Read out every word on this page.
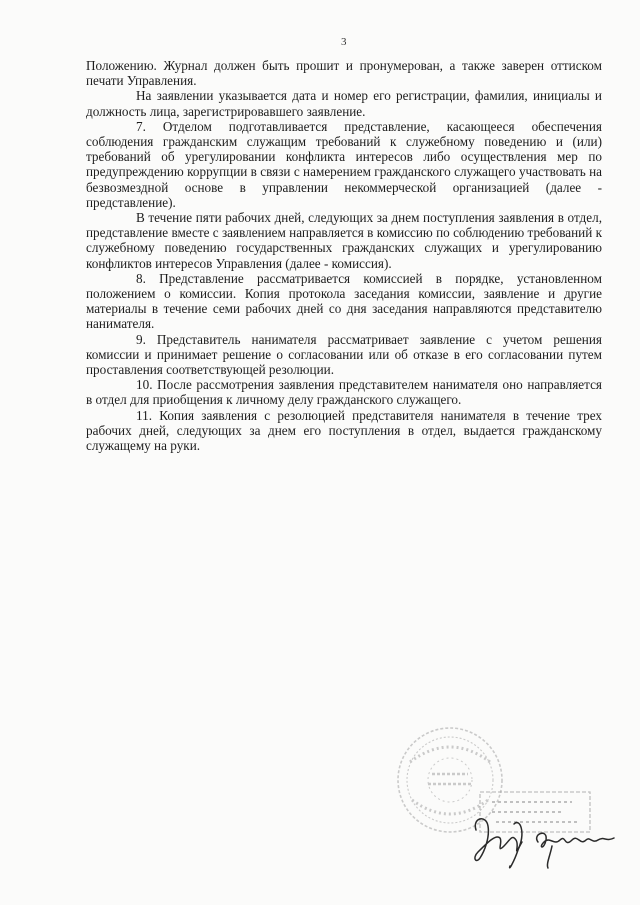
3

Положению. Журнал должен быть прошит и пронумерован, а также заверен оттиском печати Управления.

На заявлении указывается дата и номер его регистрации, фамилия, инициалы и должность лица, зарегистрировавшего заявление.

7. Отделом подготавливается представление, касающееся обеспечения соблюдения гражданским служащим требований к служебному поведению и (или) требований об урегулировании конфликта интересов либо осуществления мер по предупреждению коррупции в связи с намерением гражданского служащего участвовать на безвозмездной основе в управлении некоммерческой организацией (далее - представление).

В течение пяти рабочих дней, следующих за днем поступления заявления в отдел, представление вместе с заявлением направляется в комиссию по соблюдению требований к служебному поведению государственных гражданских служащих и урегулированию конфликтов интересов Управления (далее - комиссия).

8. Представление рассматривается комиссией в порядке, установленном положением о комиссии. Копия протокола заседания комиссии, заявление и другие материалы в течение семи рабочих дней со дня заседания направляются представителю нанимателя.

9. Представитель нанимателя рассматривает заявление с учетом решения комиссии и принимает решение о согласовании или об отказе в его согласовании путем проставления соответствующей резолюции.

10. После рассмотрения заявления представителем нанимателя оно направляется в отдел для приобщения к личному делу гражданского служащего.

11. Копия заявления с резолюцией представителя нанимателя в течение трех рабочих дней, следующих за днем его поступления в отдел, выдается гражданскому служащему на руки.
